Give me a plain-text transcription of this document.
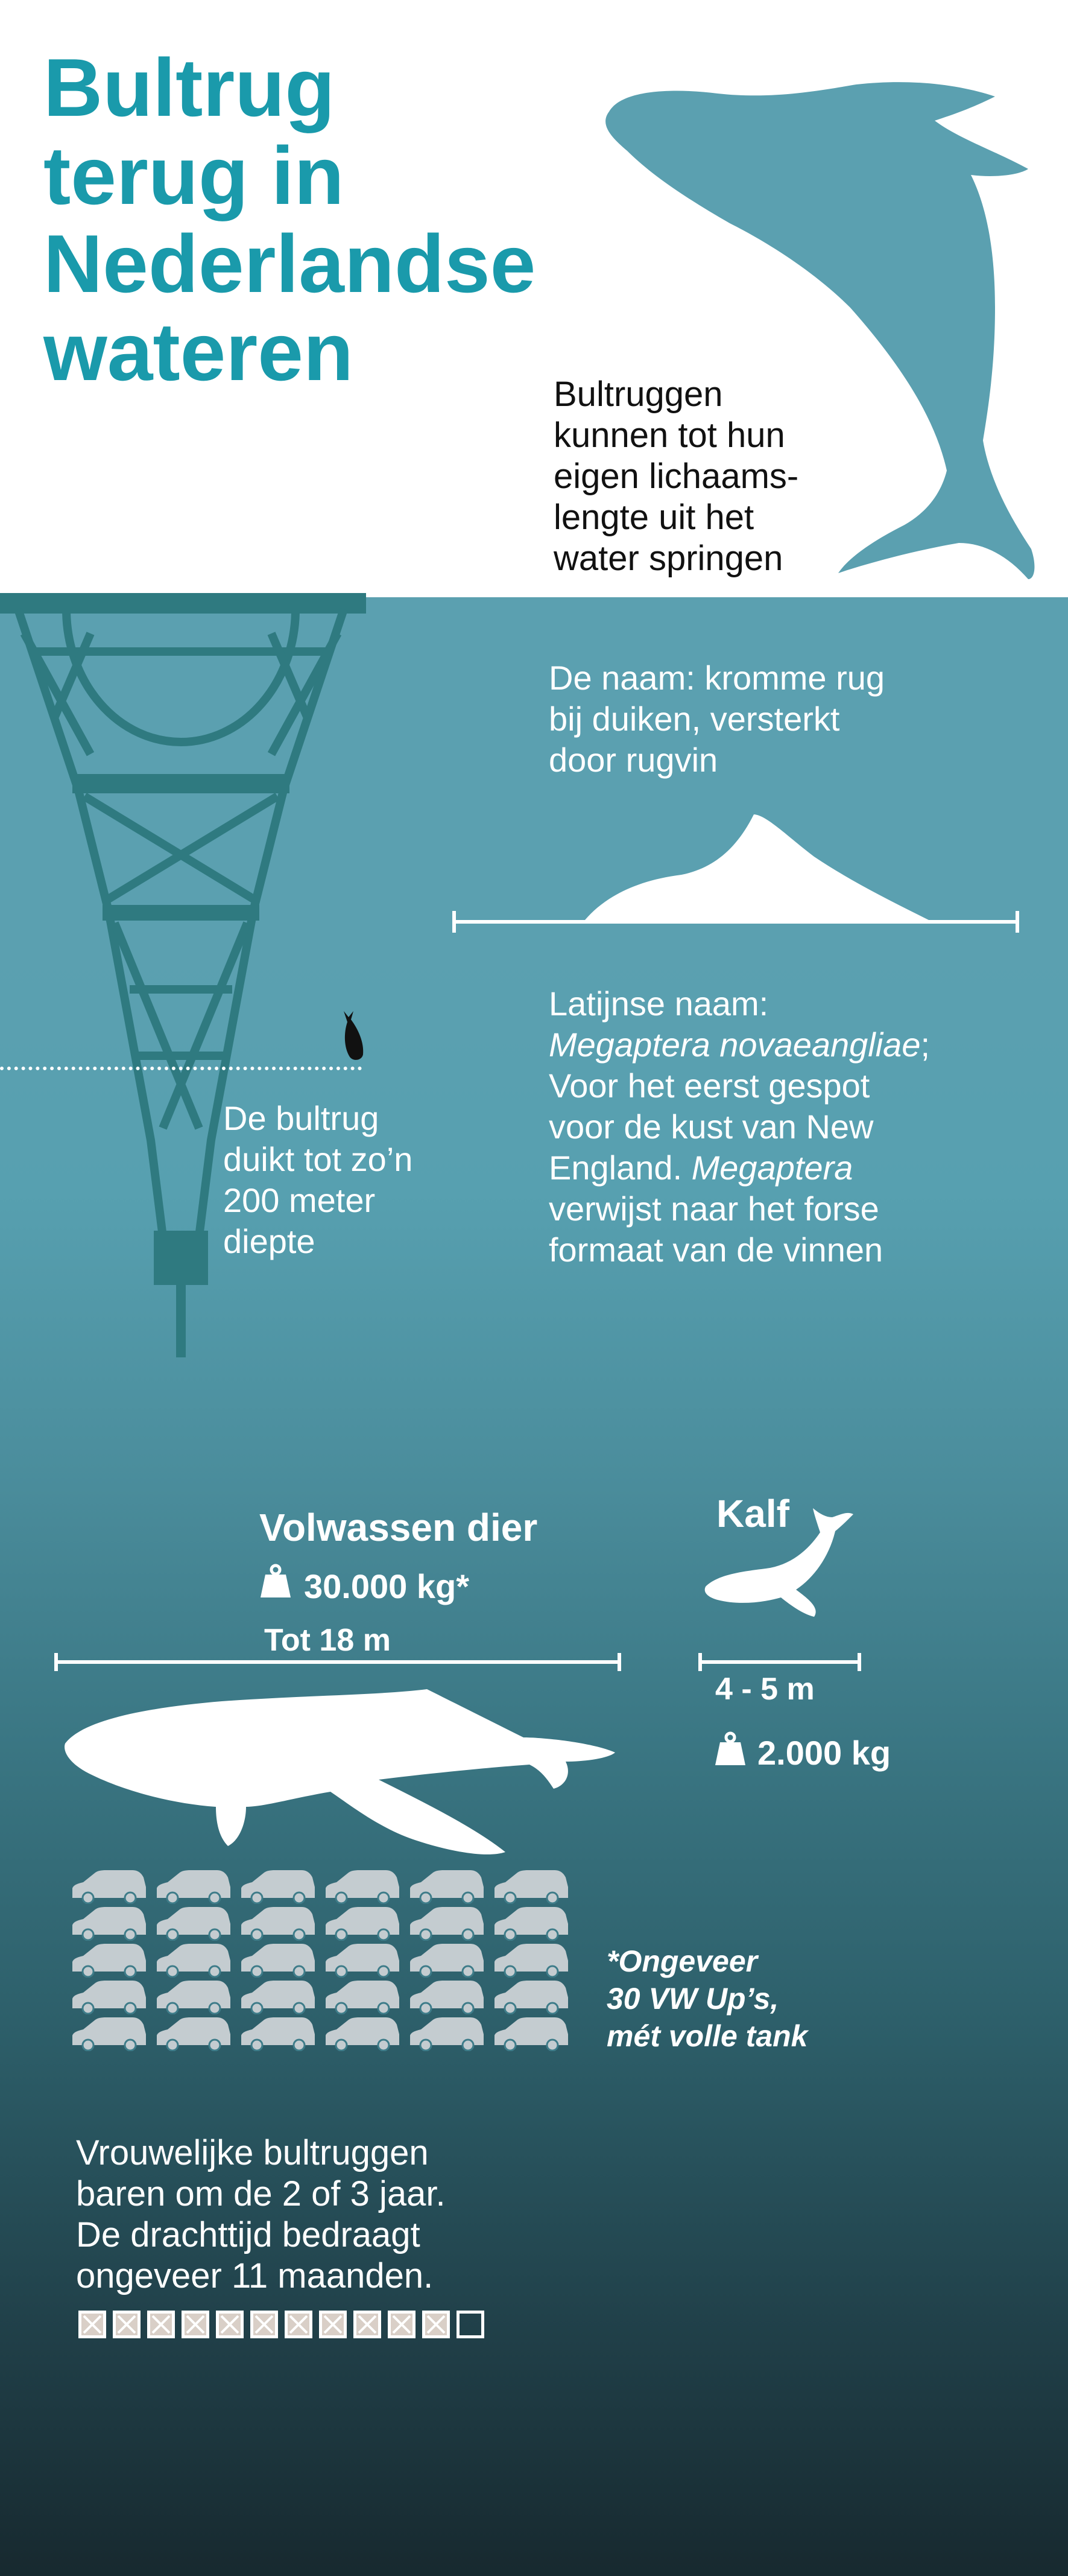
Bultrug
terug in
Nederlandse
wateren	Bultruggen
kunnen tot hun
eigen lichaams-
lengte uit het
water springen
De bultrug
duikt tot zo’n
200 meter
diepte
De naam: kromme rug
bij duiken, versterkt
door rugvin
Latijnse naam:
Megaptera novaeangliae;
Voor het eerst gespot
voor de kust van New
England. Megaptera
verwijst naar het forse
formaat van de vinnen
Volwassen dier
30.000 kg*
Tot 18 m
Kalf
4 - 5 m
2.000 kg
*Ongeveer
30 VW Up’s,
mét volle tank
Vrouwelijke bultruggen
baren om de 2 of 3 jaar.
De drachttijd bedraagt
ongeveer 11 maanden.
